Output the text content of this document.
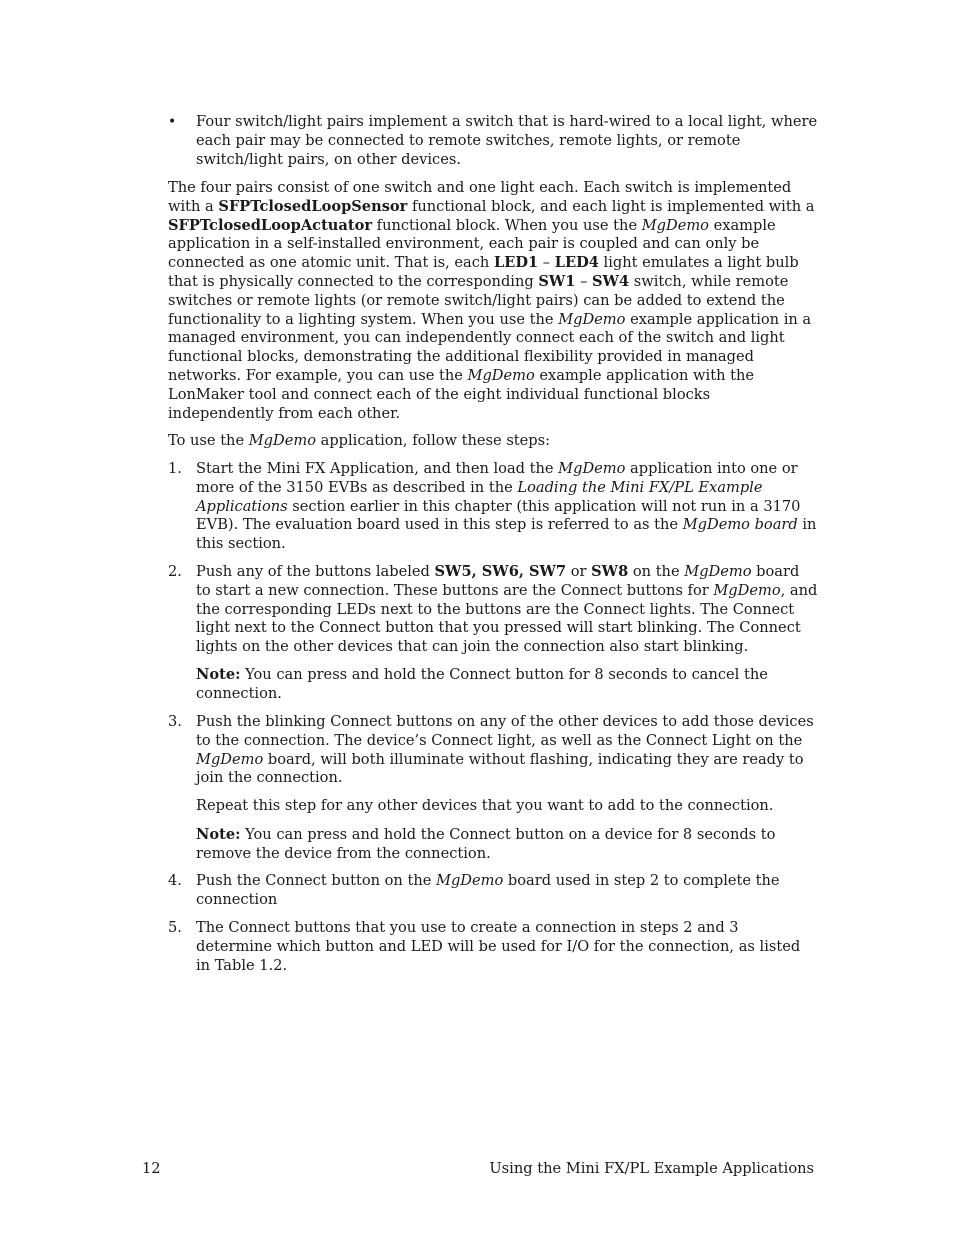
• Four switch/light pairs implement a switch that is hard-wired to a local light, where each pair may be connected to remote switches, remote lights, or remote switch/light pairs, on other devices.

The four pairs consist of one switch and one light each. Each switch is implemented with a SFPTclosedLoopSensor functional block, and each light is implemented with a SFPTclosedLoopActuator functional block. When you use the MgDemo example application in a self-installed environment, each pair is coupled and can only be connected as one atomic unit. That is, each LED1 – LED4 light emulates a light bulb that is physically connected to the corresponding SW1 – SW4 switch, while remote switches or remote lights (or remote switch/light pairs) can be added to extend the functionality to a lighting system. When you use the MgDemo example application in a managed environment, you can independently connect each of the switch and light functional blocks, demonstrating the additional flexibility provided in managed networks. For example, you can use the MgDemo example application with the LonMaker tool and connect each of the eight individual functional blocks independently from each other.

To use the MgDemo application, follow these steps:

1. Start the Mini FX Application, and then load the MgDemo application into one or more of the 3150 EVBs as described in the Loading the Mini FX/PL Example Applications section earlier in this chapter (this application will not run in a 3170 EVB). The evaluation board used in this step is referred to as the MgDemo board in this section.

2. Push any of the buttons labeled SW5, SW6, SW7 or SW8 on the MgDemo board to start a new connection. These buttons are the Connect buttons for MgDemo, and the corresponding LEDs next to the buttons are the Connect lights. The Connect light next to the Connect button that you pressed will start blinking. The Connect lights on the other devices that can join the connection also start blinking.

Note: You can press and hold the Connect button for 8 seconds to cancel the connection.

3. Push the blinking Connect buttons on any of the other devices to add those devices to the connection. The device’s Connect light, as well as the Connect Light on the MgDemo board, will both illuminate without flashing, indicating they are ready to join the connection.

Repeat this step for any other devices that you want to add to the connection.

Note: You can press and hold the Connect button on a device for 8 seconds to remove the device from the connection.

4. Push the Connect button on the MgDemo board used in step 2 to complete the connection

5. The Connect buttons that you use to create a connection in steps 2 and 3 determine which button and LED will be used for I/O for the connection, as listed in Table 1.2.

12	Using the Mini FX/PL Example Applications
